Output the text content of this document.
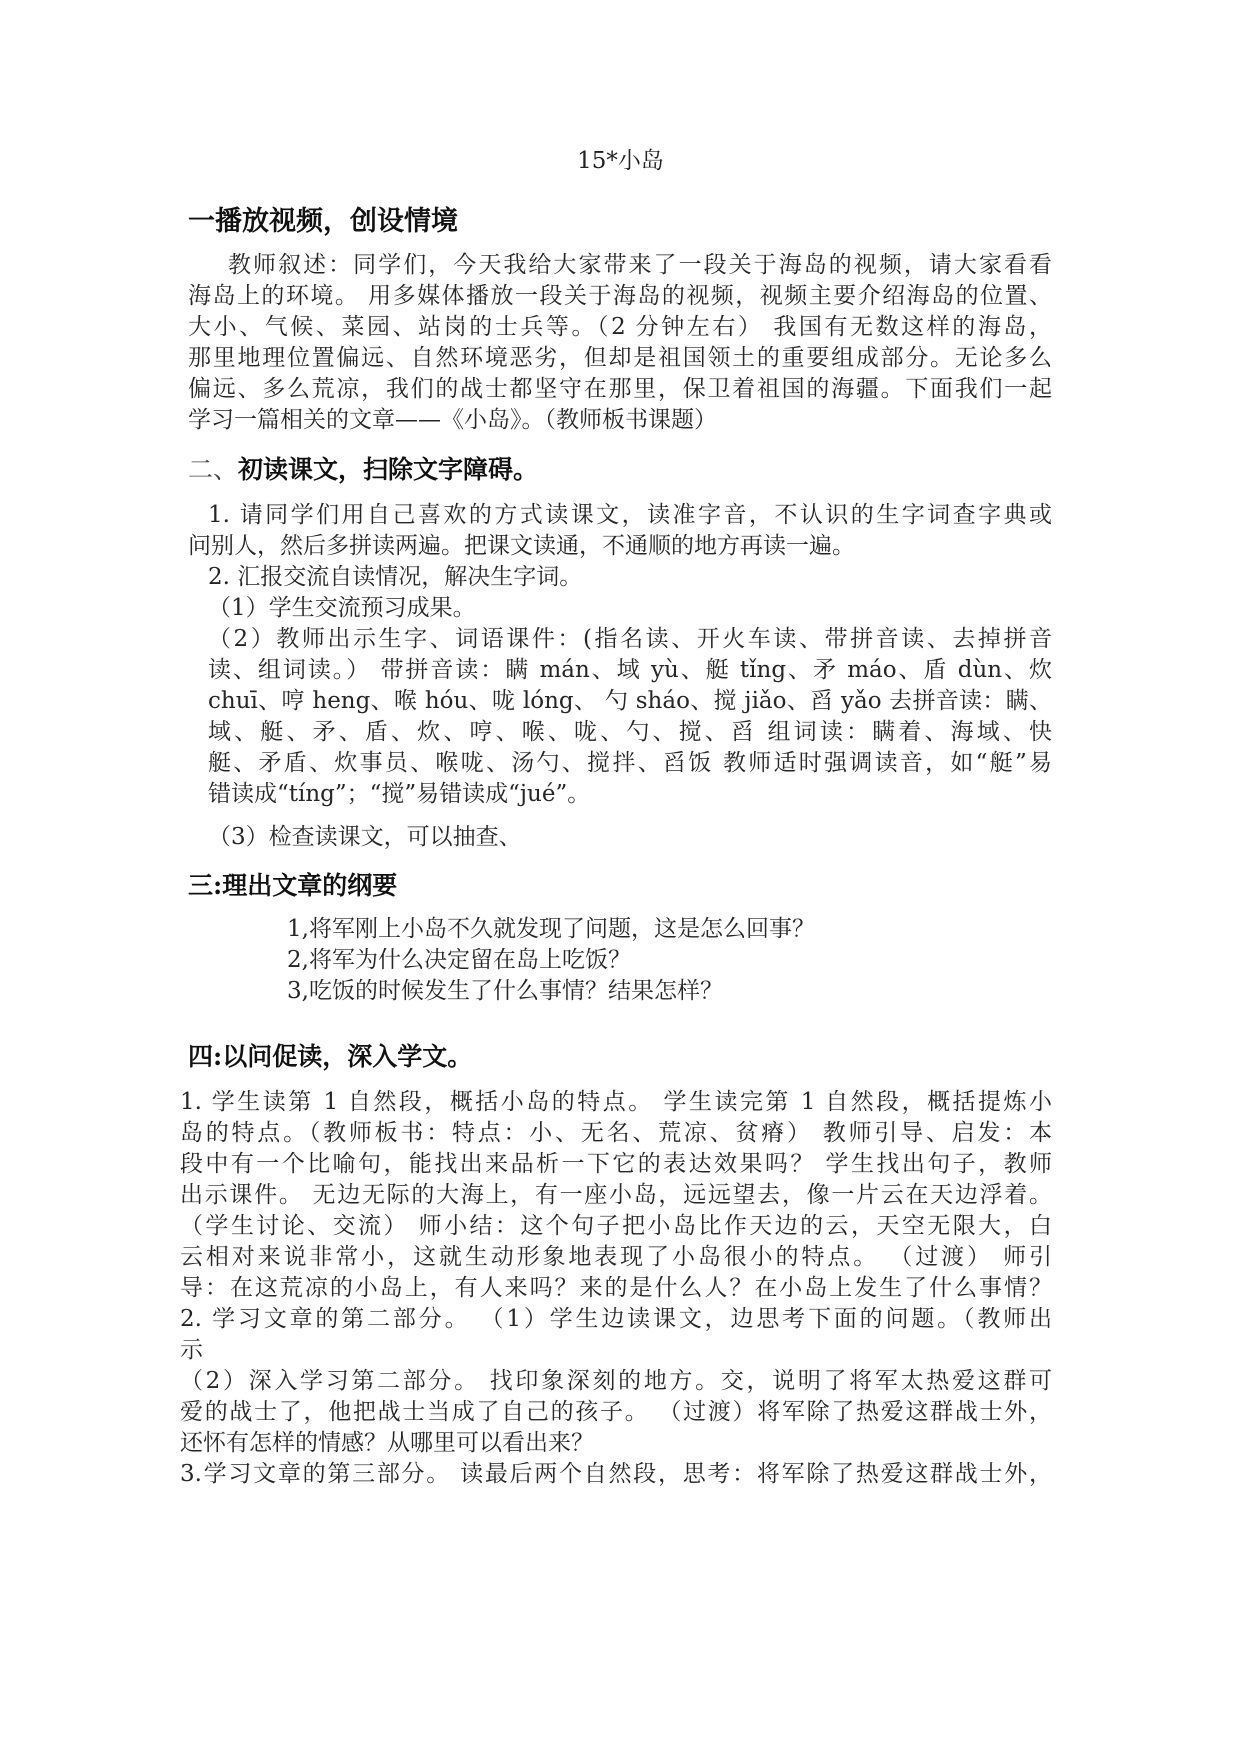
15*小岛
一播放视频，创设情境
教师叙述：同学们，今天我给大家带来了一段关于海岛的视频，请大家看看
海岛上的环境。 用多媒体播放一段关于海岛的视频，视频主要介绍海岛的位置、
大小、气候、菜园、站岗的士兵等。（2 分钟左右） 我国有无数这样的海岛，
那里地理位置偏远、自然环境恶劣，但却是祖国领土的重要组成部分。无论多么
偏远、多么荒凉，我们的战士都坚守在那里，保卫着祖国的海疆。下面我们一起
学习一篇相关的文章——《小岛》。（教师板书课题）
二、初读课文，扫除文字障碍。
1. 请同学们用自己喜欢的方式读课文，读准字音，不认识的生字词查字典或
问别人，然后多拼读两遍。把课文读通，不通顺的地方再读一遍。
2. 汇报交流自读情况，解决生字词。
（1）学生交流预习成果。
（2）教师出示生字、词语课件：(指名读、开火车读、带拼音读、去掉拼音
读、组词读。） 带拼音读：瞒 mán、域 yù、艇 tǐng、矛 máo、盾 dùn、炊
chuī、哼 heng、喉 hóu、咙 lóng、 勺 sháo、搅 jiǎo、舀 yǎo 去拼音读：瞒、
域、艇、矛、盾、炊、哼、喉、咙、勺、搅、舀 组词读：瞒着、海域、快
艇、矛盾、炊事员、喉咙、汤勺、搅拌、舀饭 教师适时强调读音，如“艇”易
错读成“tíng”；“搅”易错读成“jué”。
（3）检查读课文，可以抽查、
三:理出文章的纲要
1,将军刚上小岛不久就发现了问题，这是怎么回事？
2,将军为什么决定留在岛上吃饭？
3,吃饭的时候发生了什么事情？结果怎样？
四:以问促读，深入学文。
1. 学生读第 1 自然段，概括小岛的特点。 学生读完第 1 自然段，概括提炼小
岛的特点。（教师板书：特点：小、无名、荒凉、贫瘠） 教师引导、启发：本
段中有一个比喻句，能找出来品析一下它的表达效果吗？ 学生找出句子，教师
出示课件。 无边无际的大海上，有一座小岛，远远望去，像一片云在天边浮着。
（学生讨论、交流） 师小结：这个句子把小岛比作天边的云，天空无限大，白
云相对来说非常小，这就生动形象地表现了小岛很小的特点。 （过渡） 师引
导：在这荒凉的小岛上，有人来吗？来的是什么人？在小岛上发生了什么事情？
2. 学习文章的第二部分。 （1）学生边读课文，边思考下面的问题。（教师出
示
（2）深入学习第二部分。 找印象深刻的地方。交，说明了将军太热爱这群可
爱的战士了，他把战士当成了自己的孩子。 （过渡）将军除了热爱这群战士外，
还怀有怎样的情感？从哪里可以看出来？
3.学习文章的第三部分。 读最后两个自然段，思考：将军除了热爱这群战士外，
